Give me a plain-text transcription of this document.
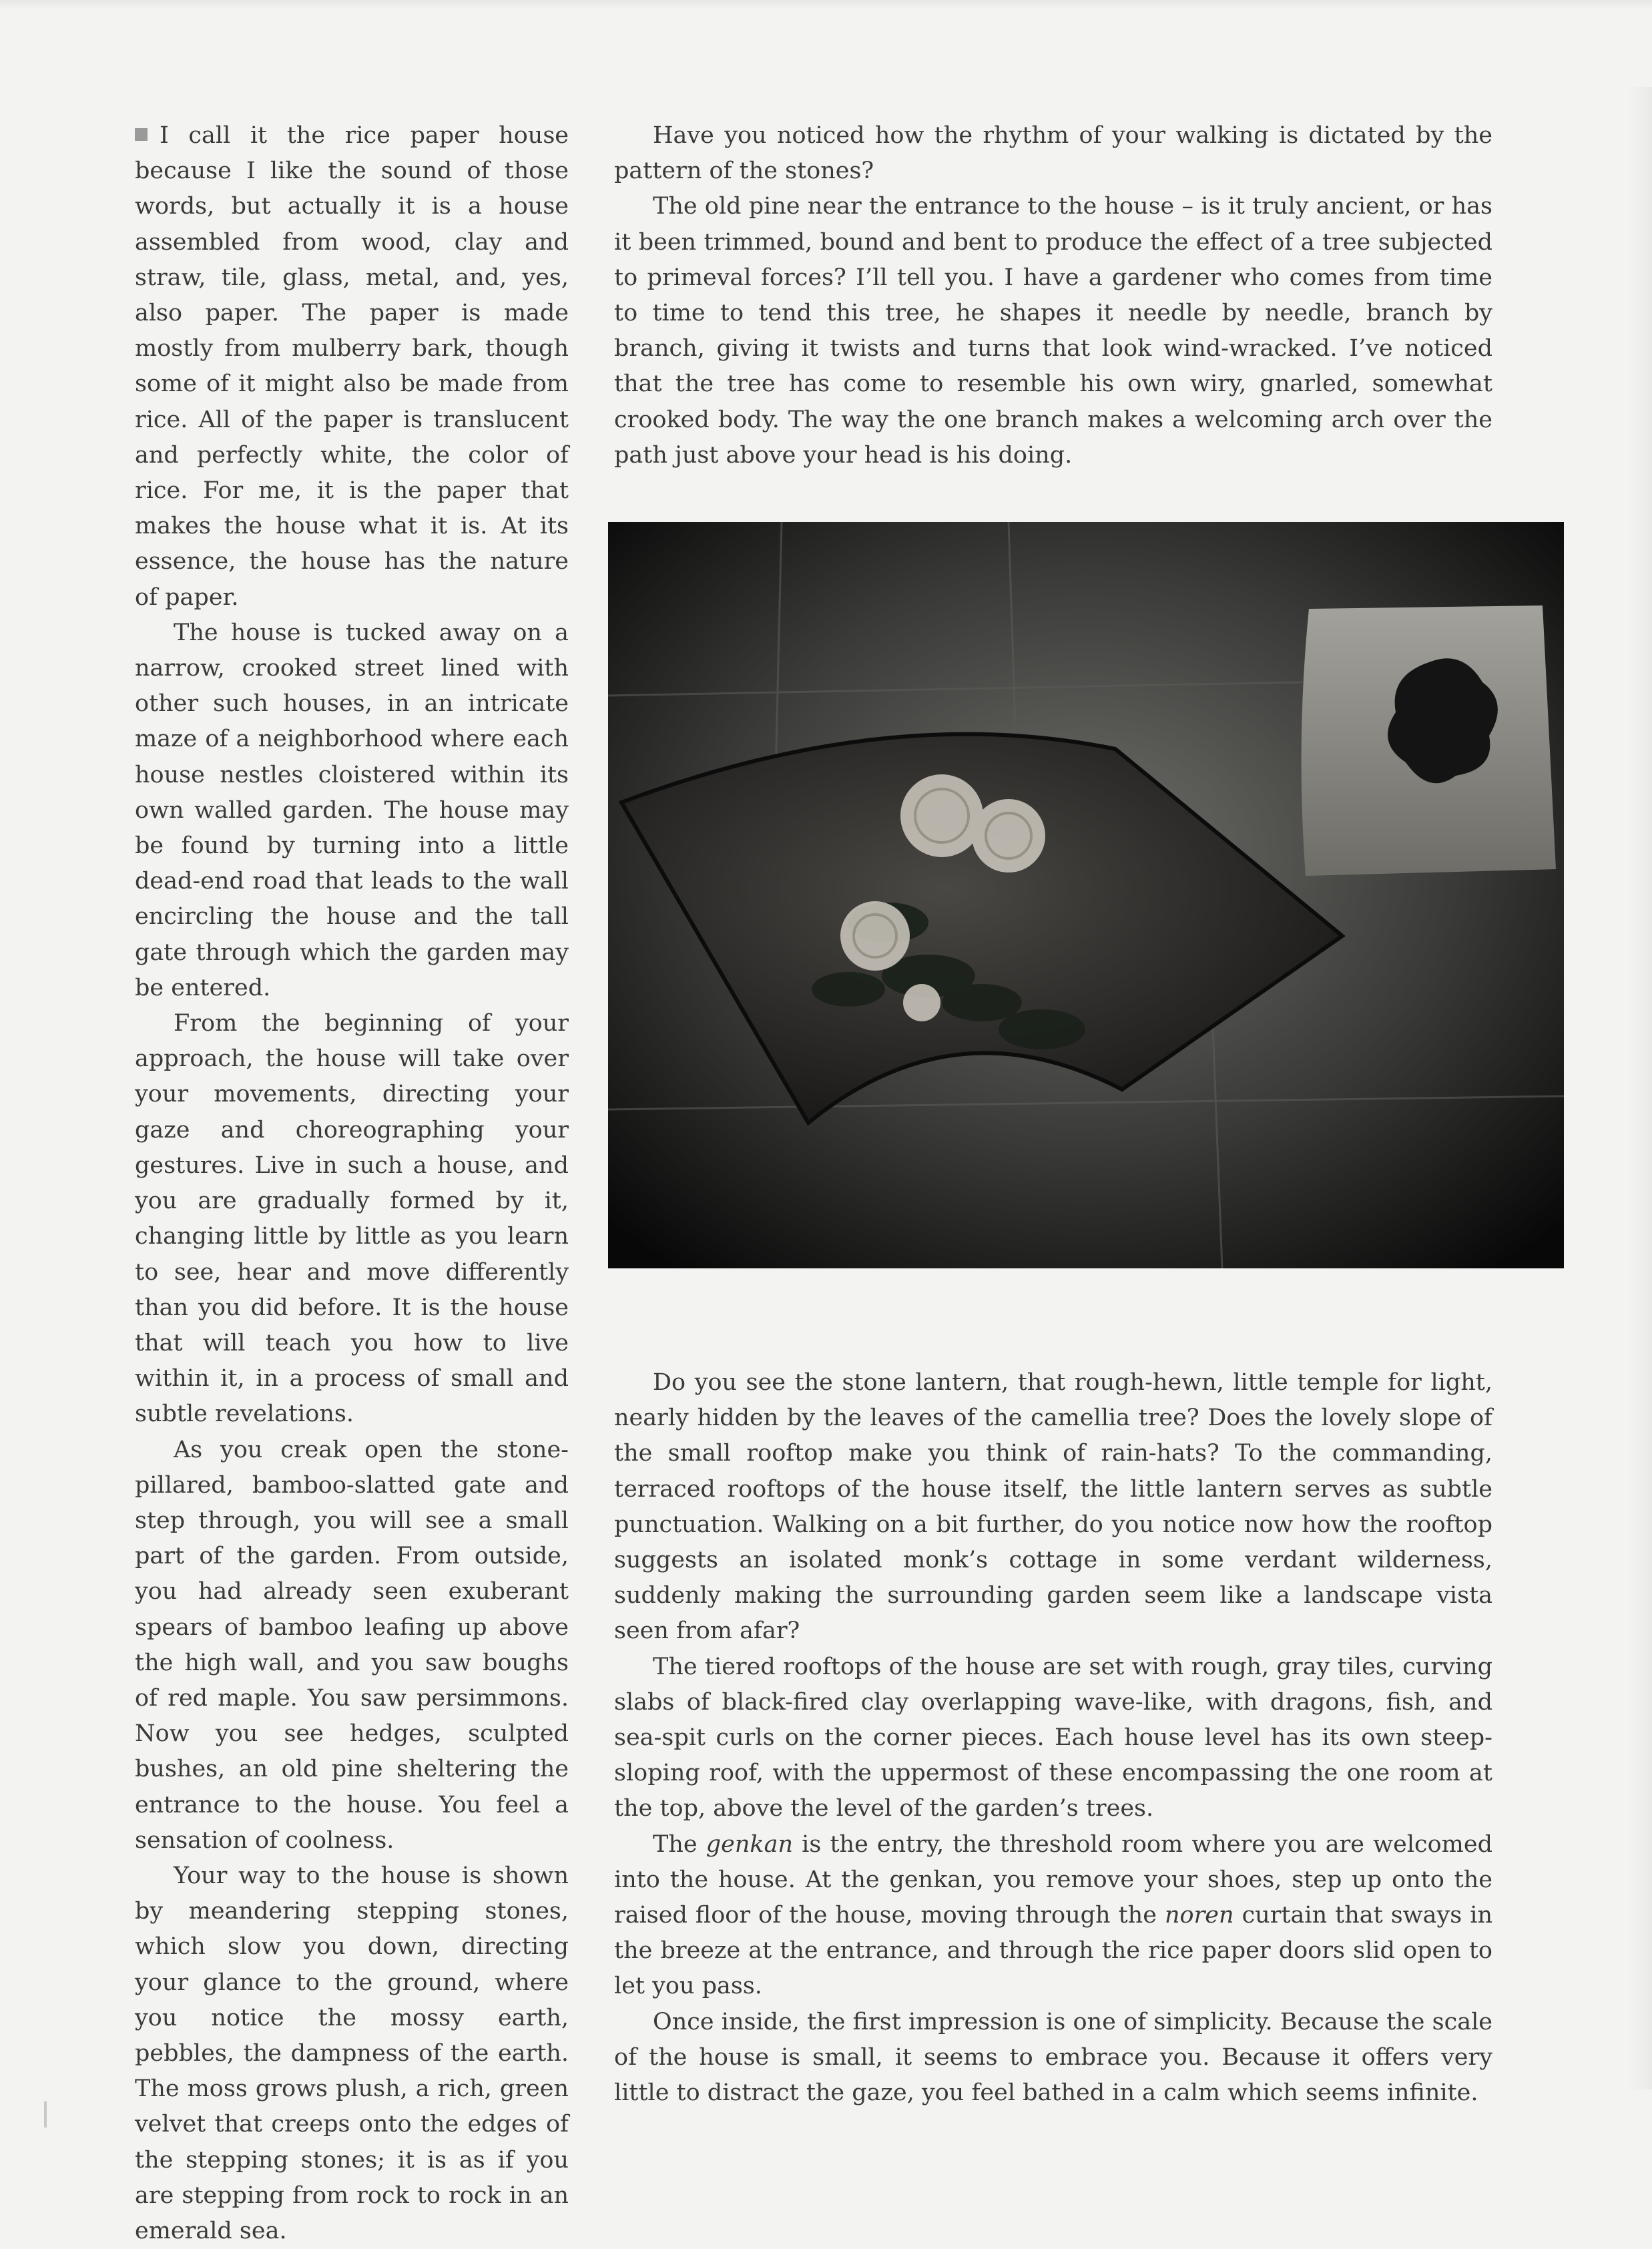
I call it the rice paper house because I like the sound of those words, but actually it is a house assembled from wood, clay and straw, tile, glass, metal, and, yes, also paper. The paper is made mostly from mulberry bark, though some of it might also be made from rice. All of the paper is translucent and perfectly white, the color of rice. For me, it is the paper that makes the house what it is. At its essence, the house has the nature of paper.

The house is tucked away on a narrow, crooked street lined with other such houses, in an intricate maze of a neighborhood where each house nestles cloistered within its own walled garden. The house may be found by turning into a little dead-end road that leads to the wall encircling the house and the tall gate through which the garden may be entered.

From the beginning of your approach, the house will take over your movements, directing your gaze and choreographing your gestures. Live in such a house, and you are gradually formed by it, changing little by little as you learn to see, hear and move differently than you did before. It is the house that will teach you how to live within it, in a process of small and subtle revelations.

As you creak open the stone-pillared, bamboo-slatted gate and step through, you will see a small part of the garden. From outside, you had already seen exuberant spears of bamboo leafing up above the high wall, and you saw boughs of red maple. You saw persimmons. Now you see hedges, sculpted bushes, an old pine sheltering the entrance to the house. You feel a sensation of coolness.

Your way to the house is shown by meandering stepping stones, which slow you down, directing your glance to the ground, where you notice the mossy earth, pebbles, the dampness of the earth. The moss grows plush, a rich, green velvet that creeps onto the edges of the stepping stones; it is as if you are stepping from rock to rock in an emerald sea.

Have you noticed how the rhythm of your walking is dictated by the pattern of the stones?

The old pine near the entrance to the house – is it truly ancient, or has it been trimmed, bound and bent to produce the effect of a tree subjected to primeval forces? I’ll tell you. I have a gardener who comes from time to time to tend this tree, he shapes it needle by needle, branch by branch, giving it twists and turns that look wind-wracked. I’ve noticed that the tree has come to resemble his own wiry, gnarled, somewhat crooked body. The way the one branch makes a welcoming arch over the path just above your head is his doing.

Do you see the stone lantern, that rough-hewn, little temple for light, nearly hidden by the leaves of the camellia tree? Does the lovely slope of the small rooftop make you think of rain-hats? To the commanding, terraced rooftops of the house itself, the little lantern serves as subtle punctuation. Walking on a bit further, do you notice now how the rooftop suggests an isolated monk’s cottage in some verdant wilderness, suddenly making the surrounding garden seem like a landscape vista seen from afar?

The tiered rooftops of the house are set with rough, gray tiles, curving slabs of black-fired clay overlapping wave-like, with dragons, fish, and sea-spit curls on the corner pieces. Each house level has its own steep-sloping roof, with the uppermost of these encompassing the one room at the top, above the level of the garden’s trees.

The genkan is the entry, the threshold room where you are welcomed into the house. At the genkan, you remove your shoes, step up onto the raised floor of the house, moving through the noren curtain that sways in the breeze at the entrance, and through the rice paper doors slid open to let you pass.

Once inside, the first impression is one of simplicity. Because the scale of the house is small, it seems to embrace you. Because it offers very little to distract the gaze, you feel bathed in a calm which seems infinite.
